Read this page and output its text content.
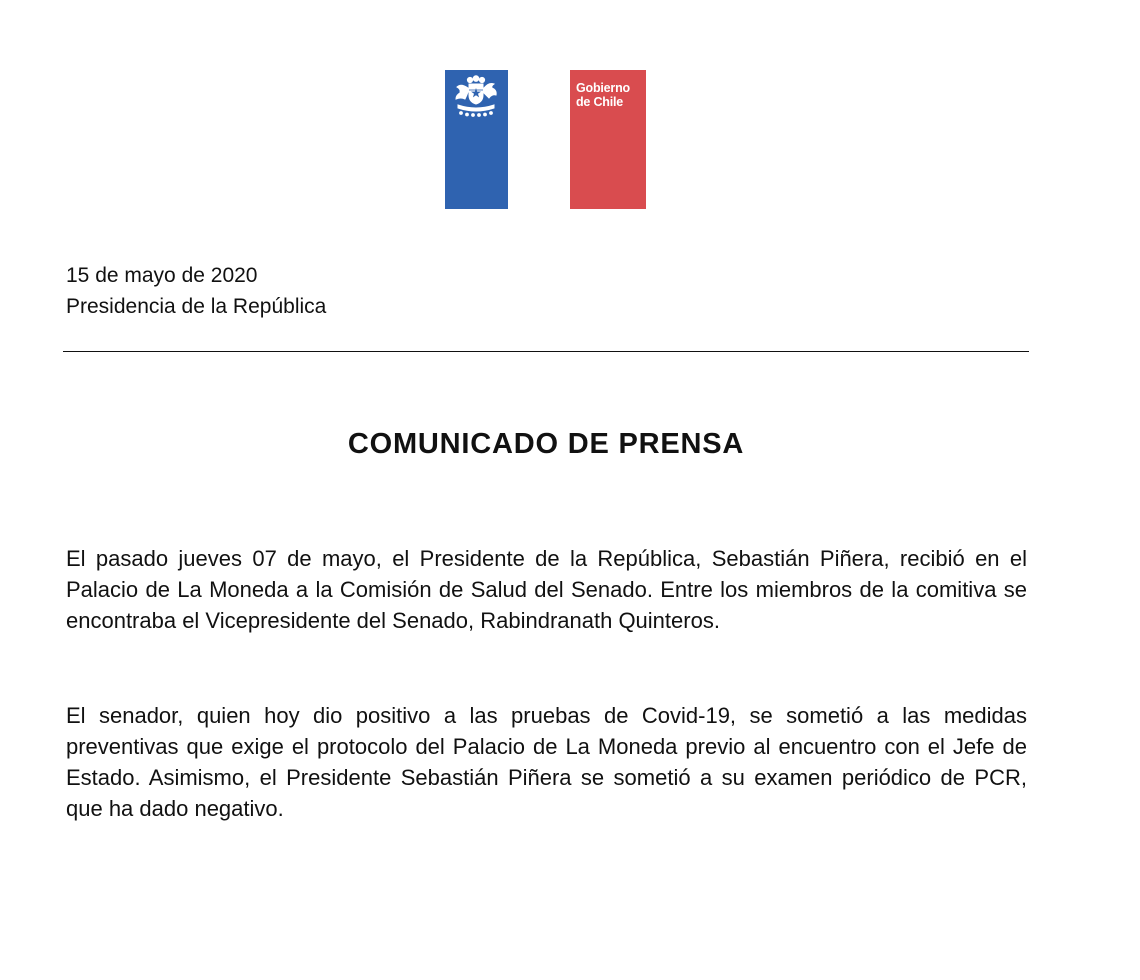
Gobierno de Chile
gob.cl
15 de mayo de 2020
Presidencia de la República
COMUNICADO DE PRENSA

El pasado jueves 07 de mayo, el Presidente de la República, Sebastián Piñera, recibió en el Palacio de La Moneda a la Comisión de Salud del Senado. Entre los miembros de la comitiva se encontraba el Vicepresidente del Senado, Rabindranath Quinteros.

El senador, quien hoy dio positivo a las pruebas de Covid-19, se sometió a las medidas preventivas que exige el protocolo del Palacio de La Moneda previo al encuentro con el Jefe de Estado. Asimismo, el Presidente Sebastián Piñera se sometió a su examen periódico de PCR, que ha dado negativo.
